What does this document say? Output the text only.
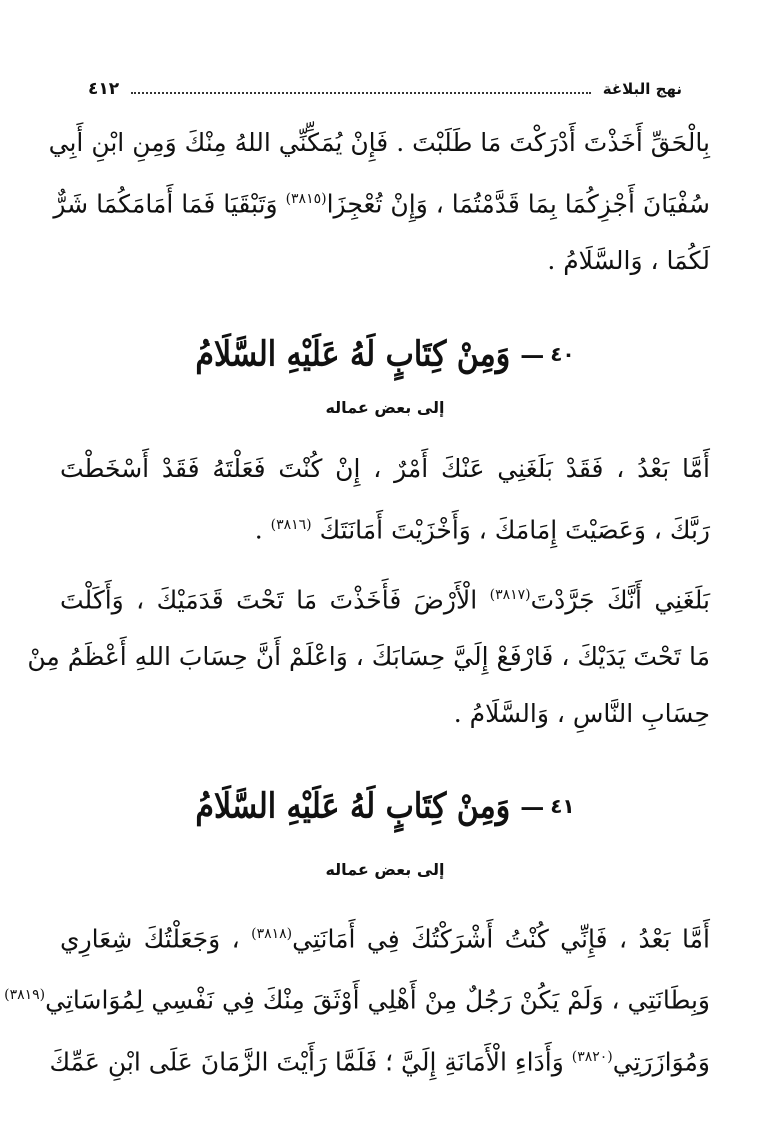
٤١٢	نهج البلاغة
بِالْحَقِّ أَخَذْتَ أَدْرَكْتَ مَا طَلَبْتَ . فَإِنْ يُمَكِّنِّي اللهُ مِنْكَ وَمِنِ ابْنِ أَبِي
سُفْيَانَ أَجْزِكُمَا بِمَا قَدَّمْتُمَا ، وَإِنْ تُعْجِزَا$^{(٣٨١٥)}$ وَتَبْقَيَا فَمَا أَمَامَكُمَا شَرٌّ
لَكُمَا ، وَالسَّلَامُ .
٤٠
—
وَمِنْ كِتَابٍ لَهُ عَلَيْهِ السَّلَامُ
إلى بعض عماله
أَمَّا بَعْدُ ، فَقَدْ بَلَغَنِي عَنْكَ أَمْرٌ ، إِنْ كُنْتَ فَعَلْتَهُ فَقَدْ أَسْخَطْتَ
رَبَّكَ ، وَعَصَيْتَ إِمَامَكَ ، وَأَخْزَيْتَ أَمَانَتَكَ $^{(٣٨١٦)}$ .
بَلَغَنِي أَنَّكَ جَرَّدْتَ$^{(٣٨١٧)}$ الْأَرْضَ فَأَخَذْتَ مَا تَحْتَ قَدَمَيْكَ ، وَأَكَلْتَ
مَا تَحْتَ يَدَيْكَ ، فَارْفَعْ إِلَيَّ حِسَابَكَ ، وَاعْلَمْ أَنَّ حِسَابَ اللهِ أَعْظَمُ مِنْ
حِسَابِ النَّاسِ ، وَالسَّلَامُ .
٤١
—
وَمِنْ كِتَابٍ لَهُ عَلَيْهِ السَّلَامُ
إلى بعض عماله
أَمَّا بَعْدُ ، فَإِنِّي كُنْتُ أَشْرَكْتُكَ فِي أَمَانَتِي$^{(٣٨١٨)}$ ، وَجَعَلْتُكَ شِعَارِي
وَبِطَانَتِي ، وَلَمْ يَكُنْ رَجُلٌ مِنْ أَهْلِي أَوْثَقَ مِنْكَ فِي نَفْسِي لِمُوَاسَاتِي$^{(٣٨١٩)}$
وَمُوَازَرَتِي$^{(٣٨٢٠)}$ وَأَدَاءِ الْأَمَانَةِ إِلَيَّ ؛ فَلَمَّا رَأَيْتَ الزَّمَانَ عَلَى ابْنِ عَمِّكَ
